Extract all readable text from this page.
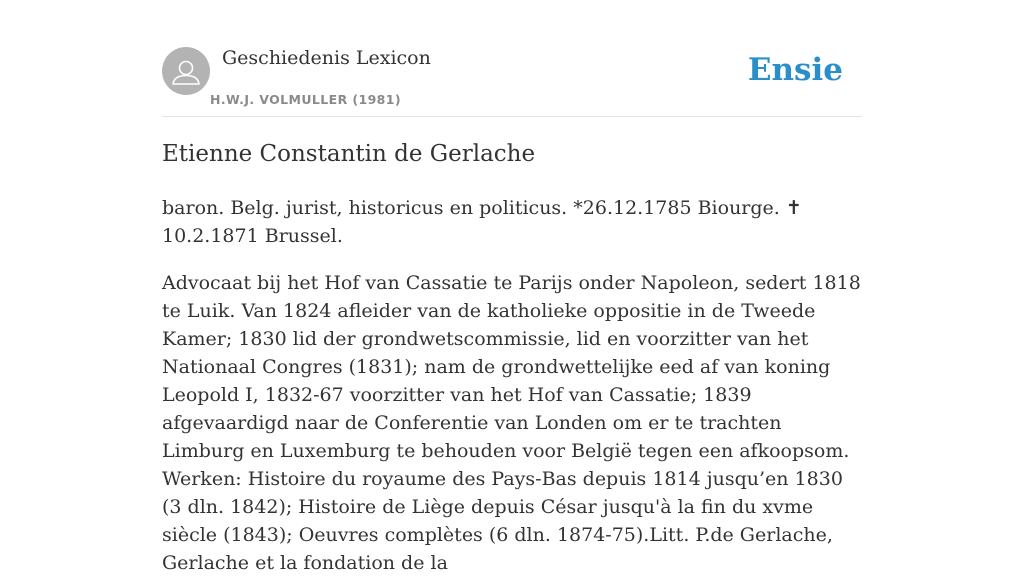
Geschiedenis Lexicon
H.W.J. VOLMULLER (1981)
Ensie
Etienne Constantin de Gerlache

baron. Belg. jurist, historicus en politicus. *26.12.1785 Biourge. ✝ 10.2.1871 Brussel.

Advocaat bij het Hof van Cassatie te Parijs onder Napoleon, sedert 1818 te Luik. Van 1824 afleider van de katholieke oppositie in de Tweede Kamer; 1830 lid der grondwetscommissie, lid en voorzitter van het Nationaal Congres (1831); nam de grondwettelijke eed af van koning Leopold I, 1832-67 voorzitter van het Hof van Cassatie; 1839 afgevaardigd naar de Conferentie van Londen om er te trachten Limburg en Luxemburg te behouden voor België tegen een afkoopsom. Werken: Histoire du royaume des Pays-Bas depuis 1814 jusqu’en 1830 (3 dln. 1842); Histoire de Liège depuis César jusqu'à la fin du xvme siècle (1843); Oeuvres complètes (6 dln. 1874-75).Litt. P.de Gerlache, Gerlache et la fondation de la
